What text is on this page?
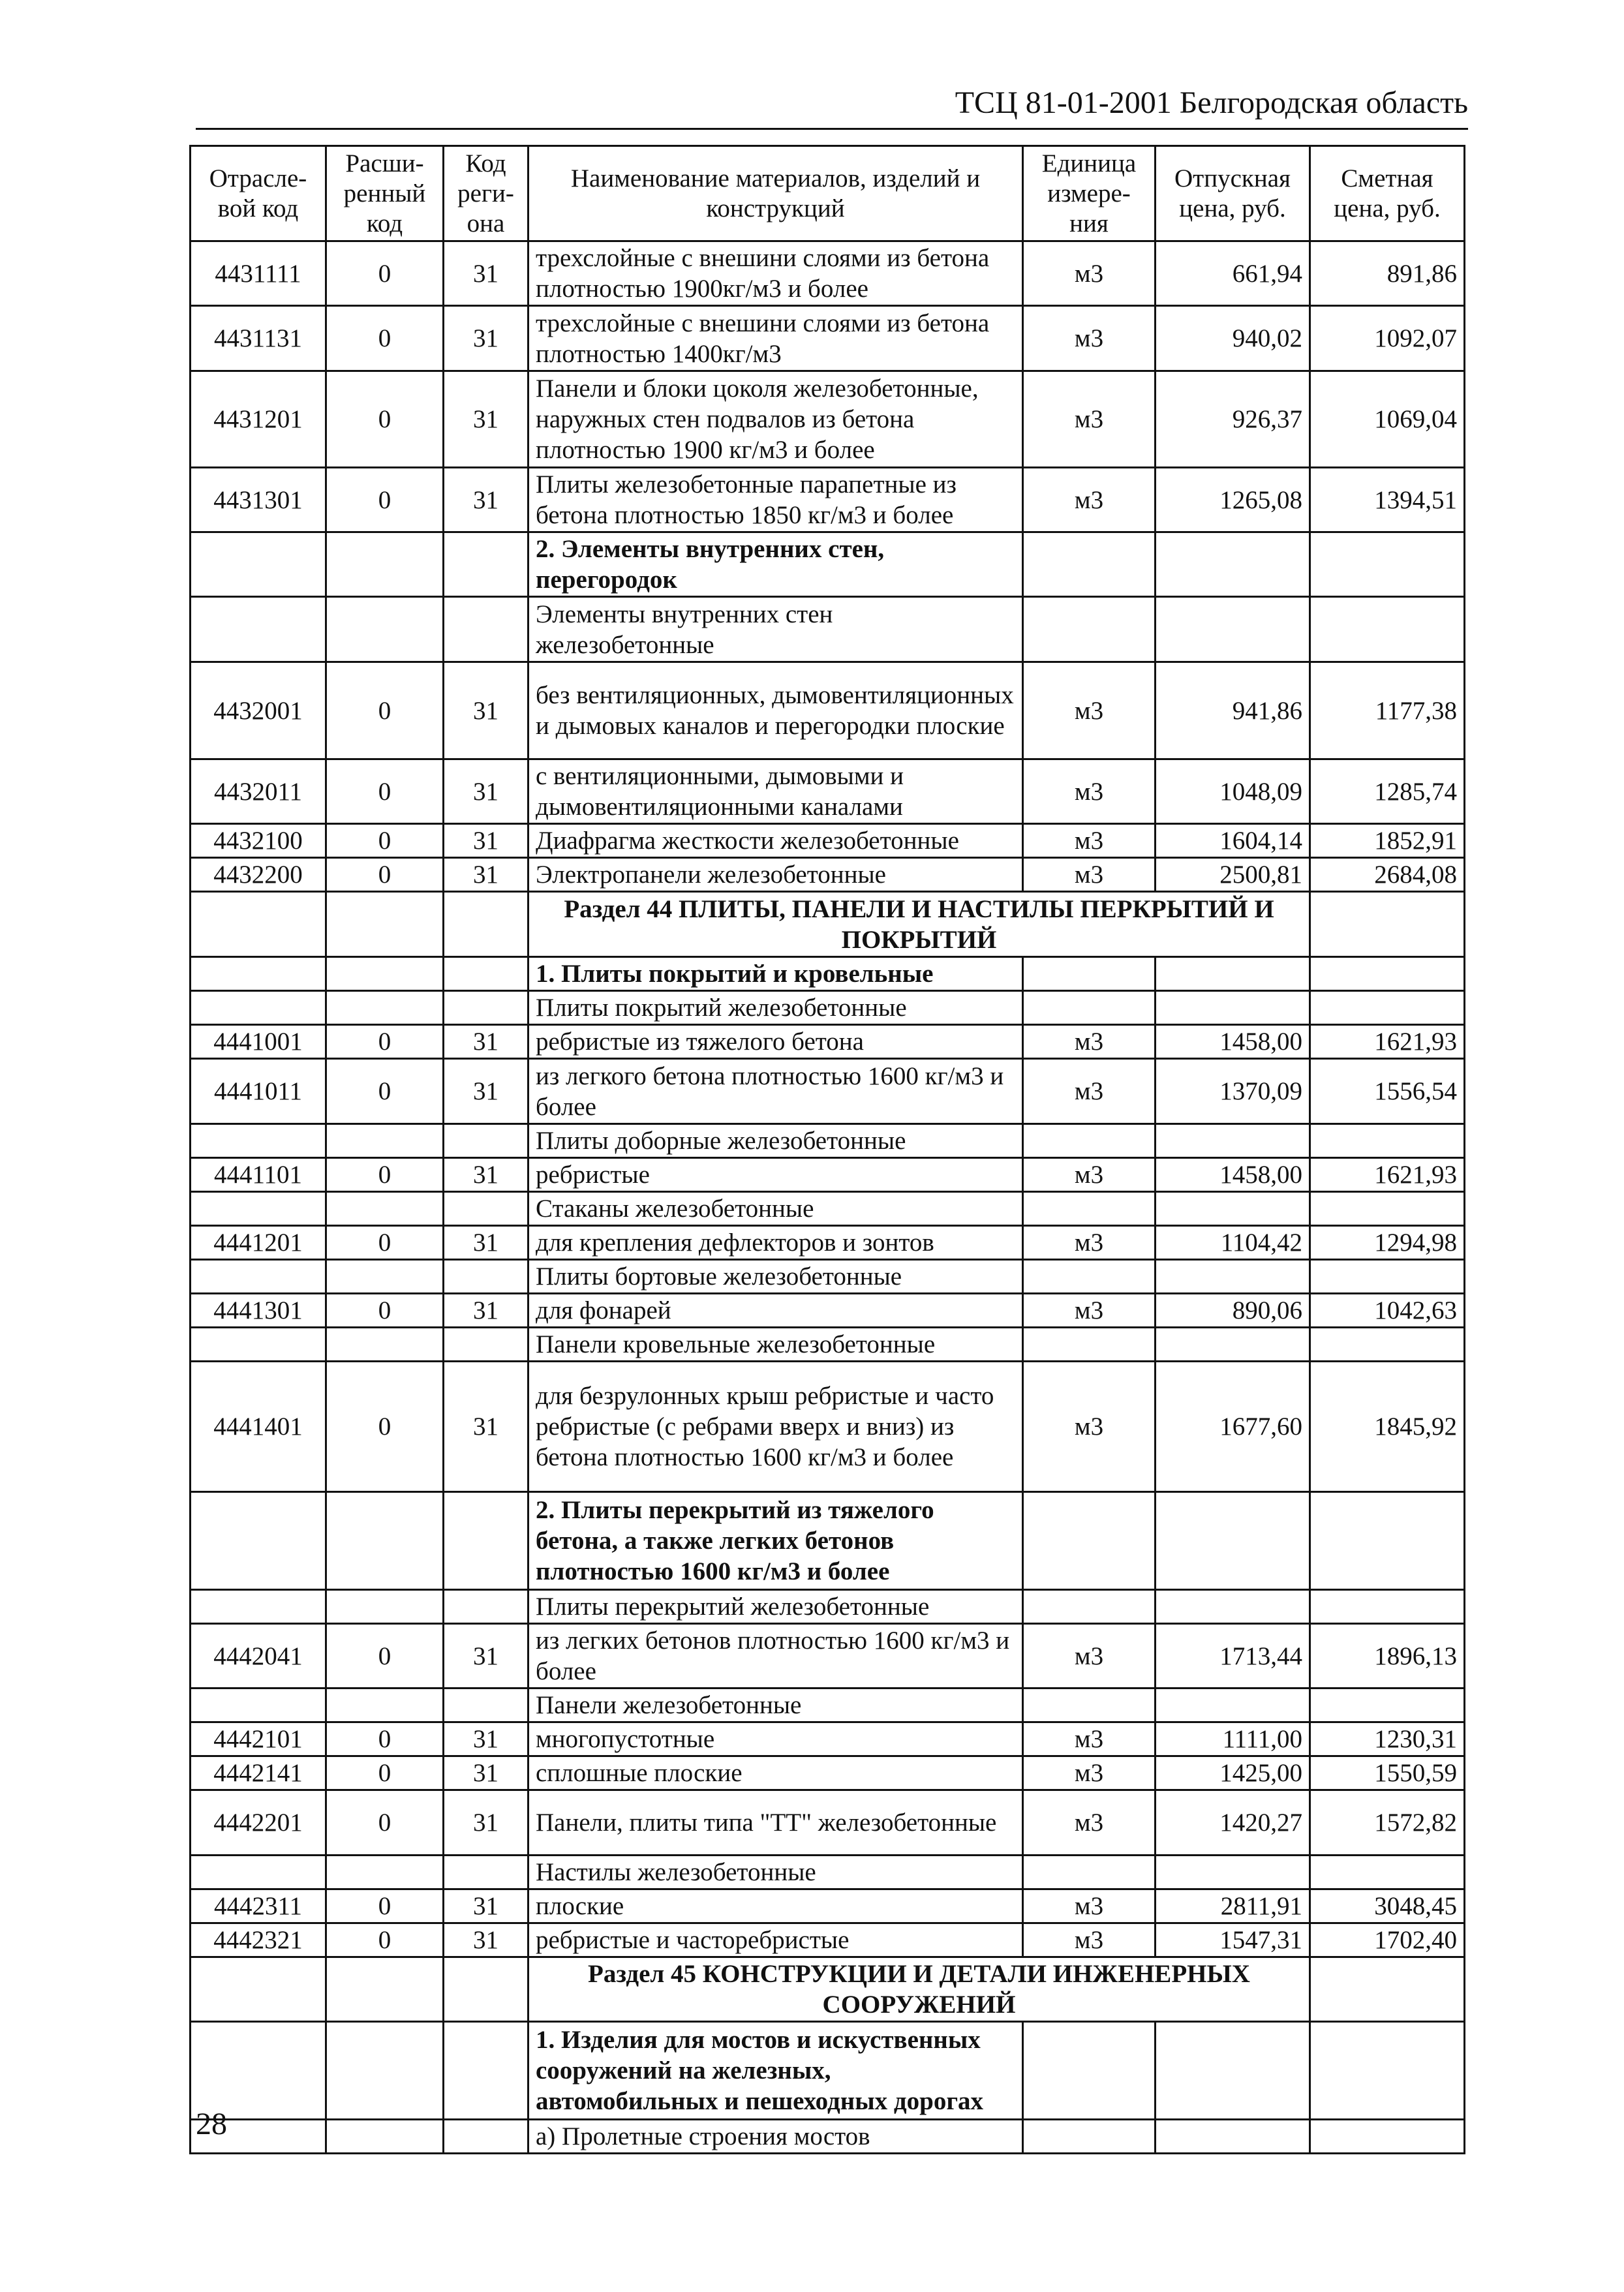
ТСЦ 81-01-2001 Белгородская область
Отрасле-вой код	Расши-ренный код	Код реги-она	Наименование материалов, изделий и конструкций	Единица измере-ния	Отпускная цена, руб.	Сметная цена, руб.
4431111	0	31	трехслойные с внешини слоями из бетона плотностью 1900кг/м3 и более	м3	661,94	891,86
4431131	0	31	трехслойные с внешини слоями из бетона плотностью 1400кг/м3	м3	940,02	1092,07
4431201	0	31	Панели и блоки цоколя железобетонные, наружных стен подвалов из бетона плотностью 1900 кг/м3 и более	м3	926,37	1069,04
4431301	0	31	Плиты железобетонные парапетные из бетона плотностью 1850 кг/м3 и более	м3	1265,08	1394,51
			2. Элементы внутренних стен, перегородок			
			Элементы внутренних стен железобетонные			
4432001	0	31	без вентиляционных, дымовентиляционных и дымовых каналов и перегородки плоские	м3	941,86	1177,38
4432011	0	31	с вентиляционными, дымовыми и дымовентиляционными каналами	м3	1048,09	1285,74
4432100	0	31	Диафрагма жесткости железобетонные	м3	1604,14	1852,91
4432200	0	31	Электропанели железобетонные	м3	2500,81	2684,08
			Раздел 44 ПЛИТЫ, ПАНЕЛИ И НАСТИЛЫ ПЕРКРЫТИЙ И ПОКРЫТИЙ			
			1. Плиты покрытий и кровельные			
			Плиты покрытий железобетонные			
4441001	0	31	ребристые из тяжелого бетона	м3	1458,00	1621,93
4441011	0	31	из легкого бетона плотностью 1600 кг/м3 и более	м3	1370,09	1556,54
			Плиты доборные железобетонные			
4441101	0	31	ребристые	м3	1458,00	1621,93
			Стаканы железобетонные			
4441201	0	31	для крепления дефлекторов и зонтов	м3	1104,42	1294,98
			Плиты бортовые железобетонные			
4441301	0	31	для фонарей	м3	890,06	1042,63
			Панели кровельные железобетонные			
4441401	0	31	для безрулонных крыш ребристые и часто ребристые (с ребрами вверх и вниз) из бетона плотностью 1600 кг/м3 и более	м3	1677,60	1845,92
			2. Плиты перекрытий из тяжелого бетона, а также легких бетонов плотностью 1600 кг/м3 и более			
			Плиты перекрытий железобетонные			
4442041	0	31	из легких бетонов плотностью 1600 кг/м3 и более	м3	1713,44	1896,13
			Панели железобетонные			
4442101	0	31	многопустотные	м3	1111,00	1230,31
4442141	0	31	сплошные плоские	м3	1425,00	1550,59
4442201	0	31	Панели, плиты типа "ТТ" железобетонные	м3	1420,27	1572,82
			Настилы железобетонные			
4442311	0	31	плоские	м3	2811,91	3048,45
4442321	0	31	ребристые и часторебристые	м3	1547,31	1702,40
			Раздел 45 КОНСТРУКЦИИ И ДЕТАЛИ ИНЖЕНЕРНЫХ СООРУЖЕНИЙ			
			1. Изделия для мостов и искуственных сооружений на железных, автомобильных и пешеходных дорогах			
			а) Пролетные строения мостов			
28
